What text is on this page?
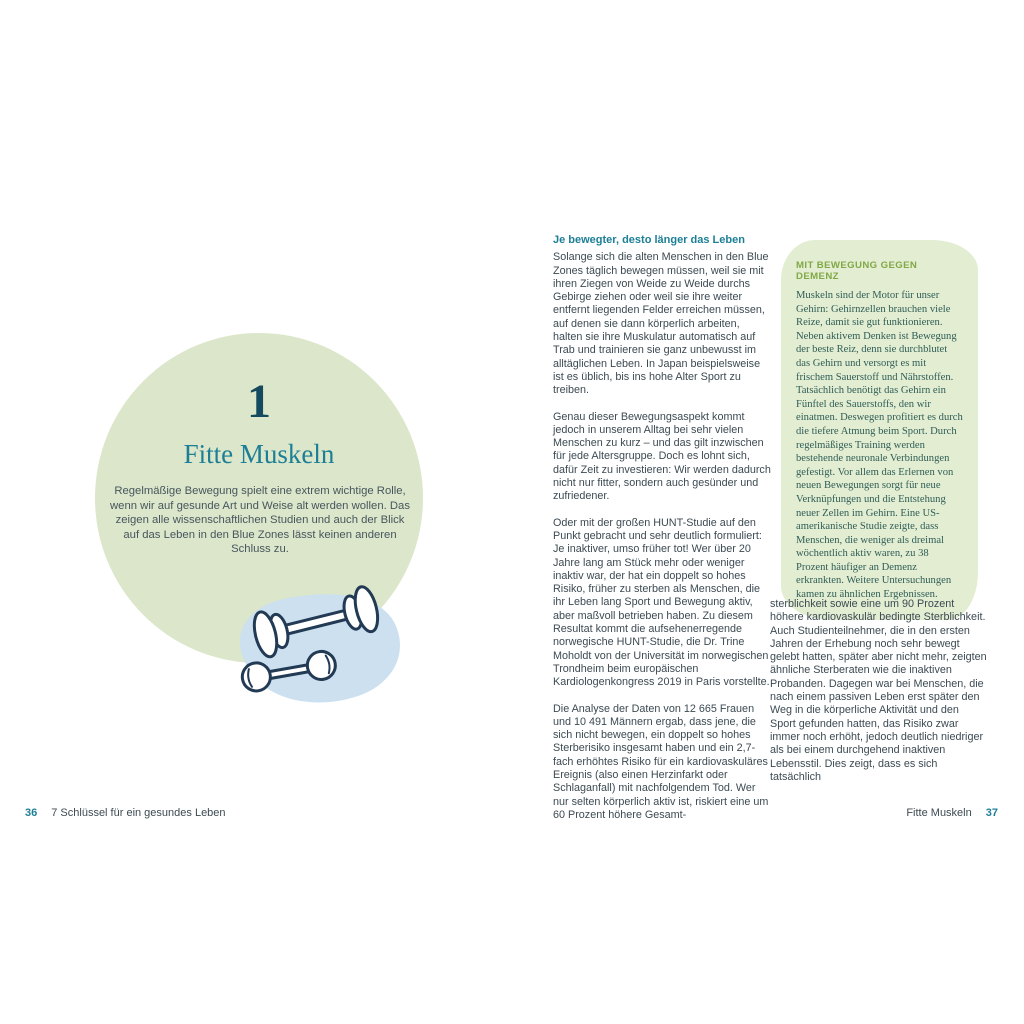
1
Fitte Muskeln
Regelmäßige Bewegung spielt eine extrem wichtige Rolle, wenn wir auf gesunde Art und Weise alt werden wollen. Das zeigen alle wissenschaftlichen Studien und auch der Blick auf das Leben in den Blue Zones lässt keinen anderen Schluss zu.
36 7 Schlüssel für ein gesundes Leben

Je bewegter, desto länger das Leben
Solange sich die alten Menschen in den Blue Zones täglich bewegen müssen, weil sie mit ihren Ziegen von Weide zu Weide durchs Gebirge ziehen oder weil sie ihre weiter entfernt liegenden Felder erreichen müssen, auf denen sie dann körperlich arbeiten, halten sie ihre Muskulatur automatisch auf Trab und trainieren sie ganz unbewusst im alltäglichen Leben. In Japan beispielsweise ist es üblich, bis ins hohe Alter Sport zu treiben.

Genau dieser Bewegungsaspekt kommt jedoch in unserem Alltag bei sehr vielen Menschen zu kurz – und das gilt inzwischen für jede Altersgruppe. Doch es lohnt sich, dafür Zeit zu investieren: Wir werden dadurch nicht nur fitter, sondern auch gesünder und zufriedener.

Oder mit der großen HUNT-Studie auf den Punkt gebracht und sehr deutlich formuliert: Je inaktiver, umso früher tot! Wer über 20 Jahre lang am Stück mehr oder weniger inaktiv war, der hat ein doppelt so hohes Risiko, früher zu sterben als Menschen, die ihr Leben lang Sport und Bewegung aktiv, aber maßvoll betrieben haben. Zu diesem Resultat kommt die aufsehenerregende norwegische HUNT-Studie, die Dr. Trine Moholdt von der Universität im norwegischen Trondheim beim europäischen Kardiologenkongress 2019 in Paris vorstellte.

Die Analyse der Daten von 12 665 Frauen und 10 491 Männern ergab, dass jene, die sich nicht bewegen, ein doppelt so hohes Sterberisiko insgesamt haben und ein 2,7-fach erhöhtes Risiko für ein kardiovaskuläres Ereignis (also einen Herzinfarkt oder Schlaganfall) mit nachfolgendem Tod. Wer nur selten körperlich aktiv ist, riskiert eine um 60 Prozent höhere Gesamt-

MIT BEWEGUNG GEGEN DEMENZ

Muskeln sind der Motor für unser Gehirn: Gehirnzellen brauchen viele Reize, damit sie gut funktionieren. Neben aktivem Denken ist Bewegung der beste Reiz, denn sie durchblutet das Gehirn und versorgt es mit frischem Sauerstoff und Nährstoffen. Tatsächlich benötigt das Gehirn ein Fünftel des Sauerstoffs, den wir einatmen. Deswegen profitiert es durch die tiefere Atmung beim Sport. Durch regelmäßiges Training werden bestehende neuronale Verbindungen gefestigt. Vor allem das Erlernen von neuen Bewegungen sorgt für neue Verknüpfungen und die Entstehung neuer Zellen im Gehirn. Eine US-amerikanische Studie zeigte, dass Menschen, die weniger als dreimal wöchentlich aktiv waren, zu 38 Prozent häufiger an Demenz erkrankten. Weitere Untersuchungen kamen zu ähnlichen Ergebnissen.

sterblichkeit sowie eine um 90 Prozent höhere kardiovaskulär bedingte Sterblichkeit. Auch Studienteilnehmer, die in den ersten Jahren der Erhebung noch sehr bewegt gelebt hatten, später aber nicht mehr, zeigten ähnliche Sterberaten wie die inaktiven Probanden. Dagegen war bei Menschen, die nach einem passiven Leben erst später den Weg in die körperliche Aktivität und den Sport gefunden hatten, das Risiko zwar immer noch erhöht, jedoch deutlich niedriger als bei einem durchgehend inaktiven Lebensstil. Dies zeigt, dass es sich tatsächlich
Fitte Muskeln 37
